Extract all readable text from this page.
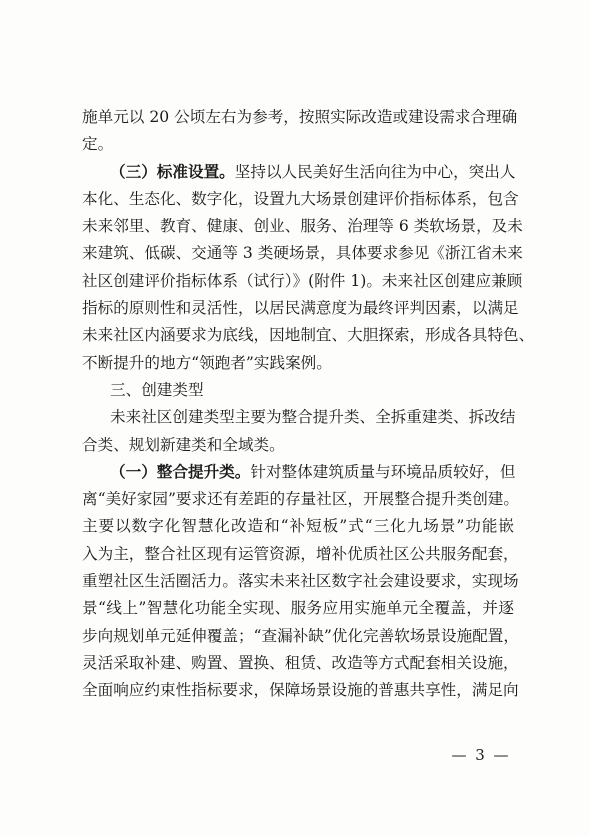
施单元以 20 公顷左右为参考，按照实际改造或建设需求合理确
定。
（三）标准设置。坚持以人民美好生活向往为中心，突出人
本化、生态化、数字化，设置九大场景创建评价指标体系，包含
未来邻里、教育、健康、创业、服务、治理等 6 类软场景，及未
来建筑、低碳、交通等 3 类硬场景，具体要求参见《浙江省未来
社区创建评价指标体系（试行）》(附件 1)。未来社区创建应兼顾
指标的原则性和灵活性，以居民满意度为最终评判因素，以满足
未来社区内涵要求为底线，因地制宜、大胆探索，形成各具特色、
不断提升的地方“领跑者”实践案例。
三、创建类型
未来社区创建类型主要为整合提升类、全拆重建类、拆改结
合类、规划新建类和全域类。
（一）整合提升类。针对整体建筑质量与环境品质较好，但
离“美好家园”要求还有差距的存量社区，开展整合提升类创建。
主要以数字化智慧化改造和“补短板”式“三化九场景”功能嵌
入为主，整合社区现有运管资源，增补优质社区公共服务配套，
重塑社区生活圈活力。落实未来社区数字社会建设要求，实现场
景“线上”智慧化功能全实现、服务应用实施单元全覆盖，并逐
步向规划单元延伸覆盖；“查漏补缺”优化完善软场景设施配置，
灵活采取补建、购置、置换、租赁、改造等方式配套相关设施，
全面响应约束性指标要求，保障场景设施的普惠共享性，满足向
— 3 —
